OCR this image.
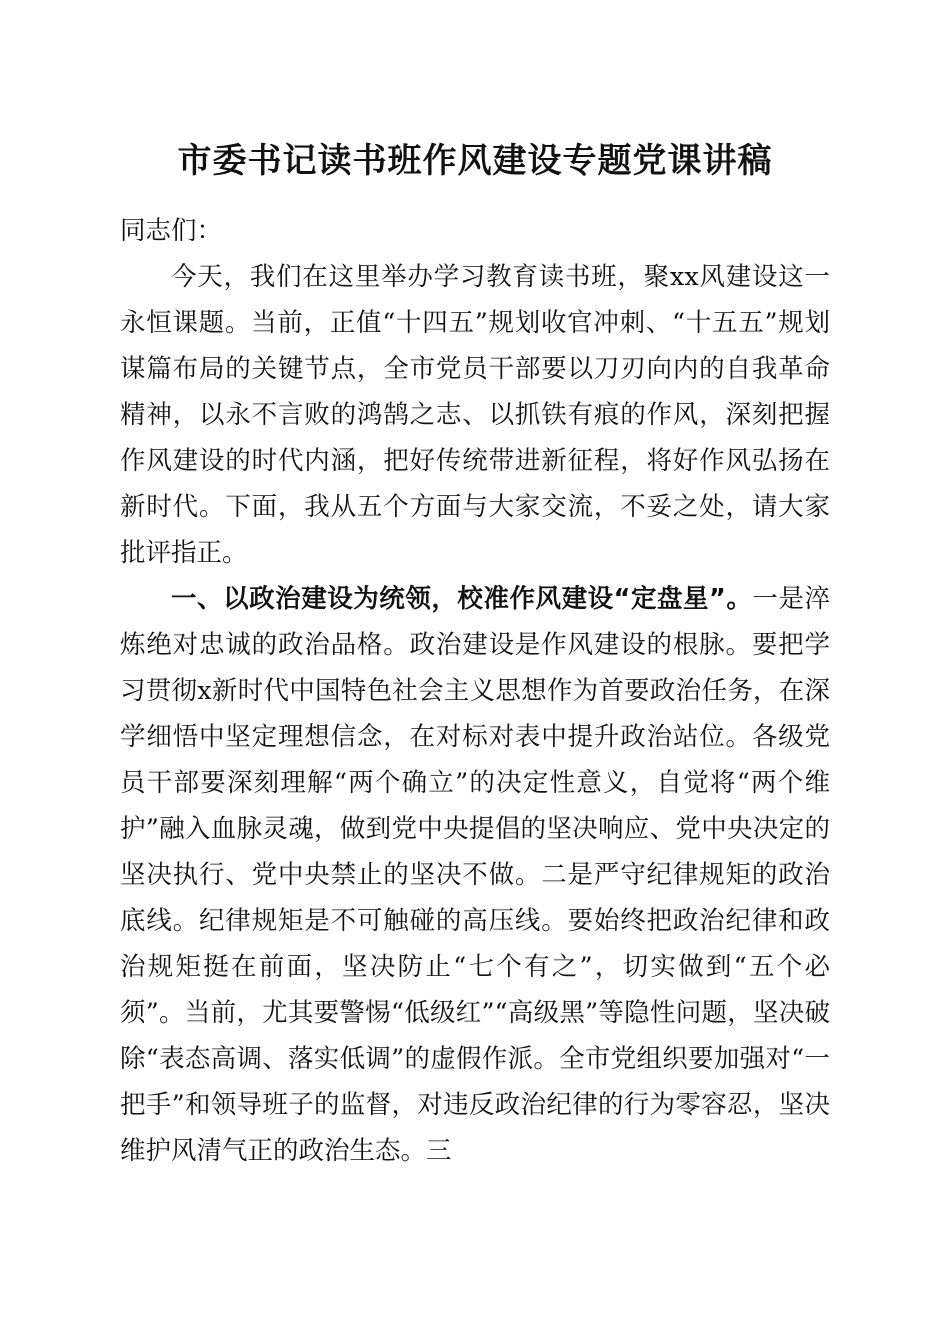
市委书记读书班作风建设专题党课讲稿

同志们：

今天，我们在这里举办学习教育读书班，聚xx风建设这一永恒课题。当前，正值“十四五”规划收官冲刺、“十五五”规划谋篇布局的关键节点，全市党员干部要以刀刃向内的自我革命精神，以永不言败的鸿鹄之志、以抓铁有痕的作风，深刻把握作风建设的时代内涵，把好传统带进新征程，将好作风弘扬在新时代。下面，我从五个方面与大家交流，不妥之处，请大家批评指正。

一、以政治建设为统领，校准作风建设“定盘星”。一是淬炼绝对忠诚的政治品格。政治建设是作风建设的根脉。要把学习贯彻x新时代中国特色社会主义思想作为首要政治任务，在深学细悟中坚定理想信念，在对标对表中提升政治站位。各级党员干部要深刻理解“两个确立”的决定性意义，自觉将“两个维护”融入血脉灵魂，做到党中央提倡的坚决响应、党中央决定的坚决执行、党中央禁止的坚决不做。二是严守纪律规矩的政治底线。纪律规矩是不可触碰的高压线。要始终把政治纪律和政治规矩挺在前面，坚决防止“七个有之”，切实做到“五个必须”。当前，尤其要警惕“低级红”“高级黑”等隐性问题，坚决破除“表态高调、落实低调”的虚假作派。全市党组织要加强对“一把手”和领导班子的监督，对违反政治纪律的行为零容忍，坚决维护风清气正的政治生态。三
